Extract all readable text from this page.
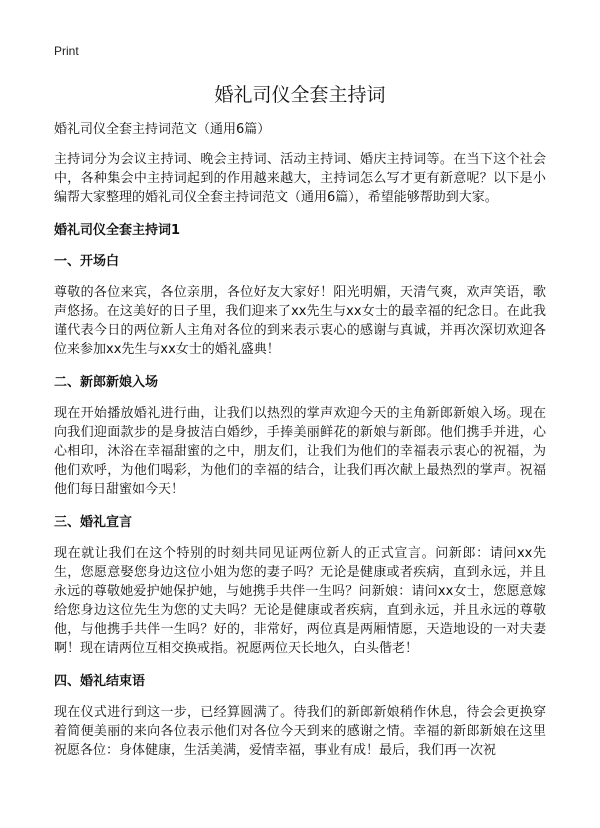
Print
婚礼司仪全套主持词

婚礼司仪全套主持词范文（通用6篇）

主持词分为会议主持词、晚会主持词、活动主持词、婚庆主持词等。在当下这个社会中，各种集会中主持词起到的作用越来越大，主持词怎么写才更有新意呢？以下是小编帮大家整理的婚礼司仪全套主持词范文（通用6篇），希望能够帮助到大家。

婚礼司仪全套主持词1

一、开场白

尊敬的各位来宾，各位亲朋，各位好友大家好！阳光明媚，天清气爽，欢声笑语，歌声悠扬。在这美好的日子里，我们迎来了xx先生与xx女士的最幸福的纪念日。在此我谨代表今日的两位新人主角对各位的到来表示衷心的感谢与真诚，并再次深切欢迎各位来参加xx先生与xx女士的婚礼盛典！

二、新郎新娘入场

现在开始播放婚礼进行曲，让我们以热烈的掌声欢迎今天的主角新郎新娘入场。现在向我们迎面款步的是身披洁白婚纱，手捧美丽鲜花的新娘与新郎。他们携手并进，心心相印，沐浴在幸福甜蜜的之中，朋友们，让我们为他们的幸福表示衷心的祝福，为他们欢呼，为他们喝彩，为他们的幸福的结合，让我们再次献上最热烈的掌声。祝福他们每日甜蜜如今天！

三、婚礼宣言

现在就让我们在这个特别的时刻共同见证两位新人的正式宣言。问新郎：请问xx先生，您愿意娶您身边这位小姐为您的妻子吗？无论是健康或者疾病，直到永远，并且永远的尊敬她爱护她保护她，与她携手共伴一生吗？问新娘：请问xx女士，您愿意嫁给您身边这位先生为您的丈夫吗？无论是健康或者疾病，直到永远，并且永远的尊敬他，与他携手共伴一生吗？好的，非常好，两位真是两厢情愿，天造地设的一对夫妻啊！现在请两位互相交换戒指。祝愿两位天长地久，白头偕老！

四、婚礼结束语

现在仪式进行到这一步，已经算圆满了。待我们的新郎新娘稍作休息，待会会更换穿着简便美丽的来向各位表示他们对各位今天到来的感谢之情。幸福的新郎新娘在这里祝愿各位：身体健康，生活美满，爱情幸福，事业有成！最后，我们再一次祝
